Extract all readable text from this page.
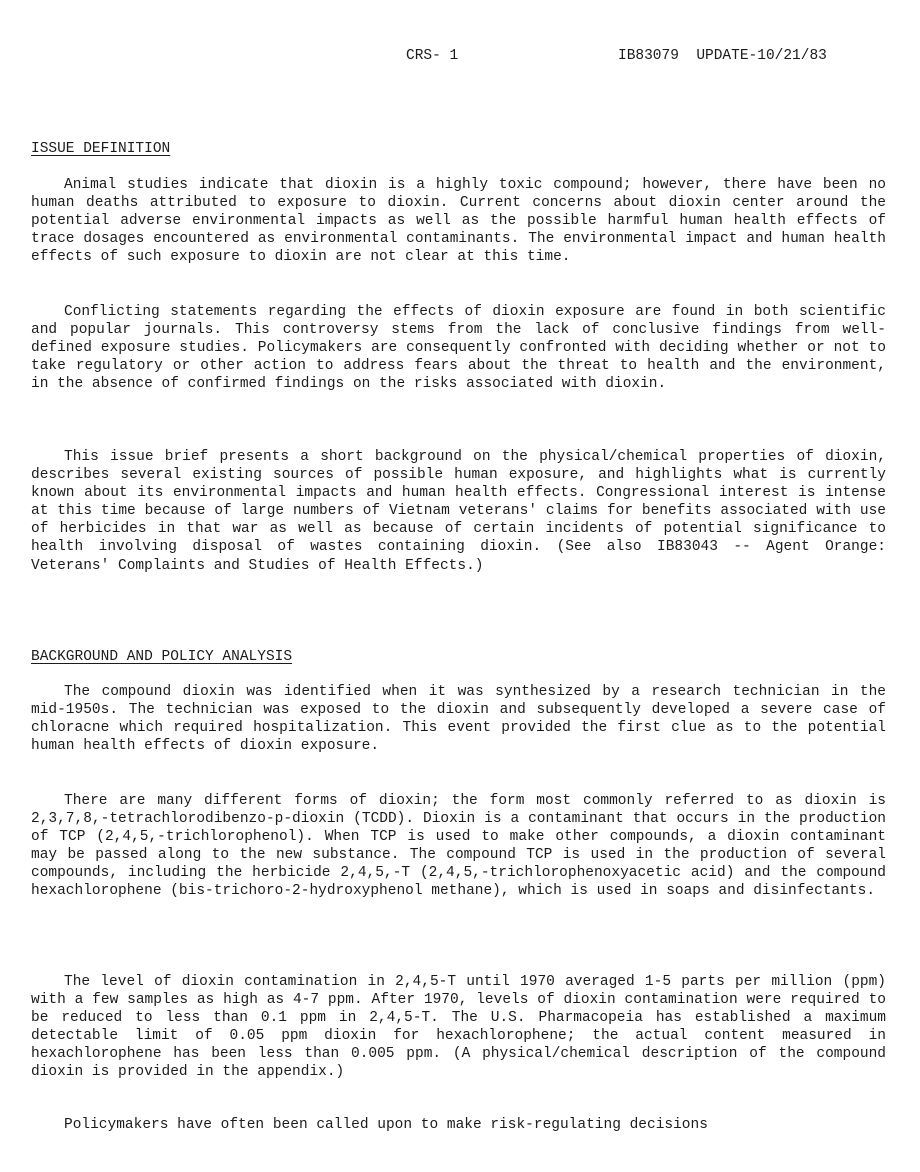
CRS- 1	IB83079 UPDATE-10/21/83
ISSUE DEFINITION

Animal studies indicate that dioxin is a highly toxic compound; however, there have been no human deaths attributed to exposure to dioxin. Current concerns about dioxin center around the potential adverse environmental impacts as well as the possible harmful human health effects of trace dosages encountered as environmental contaminants. The environmental impact and human health effects of such exposure to dioxin are not clear at this time.

Conflicting statements regarding the effects of dioxin exposure are found in both scientific and popular journals. This controversy stems from the lack of conclusive findings from well-defined exposure studies. Policymakers are consequently confronted with deciding whether or not to take regulatory or other action to address fears about the threat to health and the environment, in the absence of confirmed findings on the risks associated with dioxin.

This issue brief presents a short background on the physical/chemical properties of dioxin, describes several existing sources of possible human exposure, and highlights what is currently known about its environmental impacts and human health effects. Congressional interest is intense at this time because of large numbers of Vietnam veterans' claims for benefits associated with use of herbicides in that war as well as because of certain incidents of potential significance to health involving disposal of wastes containing dioxin. (See also IB83043 -- Agent Orange: Veterans' Complaints and Studies of Health Effects.)

BACKGROUND AND POLICY ANALYSIS

The compound dioxin was identified when it was synthesized by a research technician in the mid-1950s. The technician was exposed to the dioxin and subsequently developed a severe case of chloracne which required hospitalization. This event provided the first clue as to the potential human health effects of dioxin exposure.

There are many different forms of dioxin; the form most commonly referred to as dioxin is 2,3,7,8,-tetrachlorodibenzo-p-dioxin (TCDD). Dioxin is a contaminant that occurs in the production of TCP (2,4,5,-trichlorophenol). When TCP is used to make other compounds, a dioxin contaminant may be passed along to the new substance. The compound TCP is used in the production of several compounds, including the herbicide 2,4,5,-T (2,4,5,-trichlorophenoxyacetic acid) and the compound hexachlorophene (bis-trichoro-2-hydroxyphenol methane), which is used in soaps and disinfectants.

The level of dioxin contamination in 2,4,5-T until 1970 averaged 1-5 parts per million (ppm) with a few samples as high as 4-7 ppm. After 1970, levels of dioxin contamination were required to be reduced to less than 0.1 ppm in 2,4,5-T. The U.S. Pharmacopeia has established a maximum detectable limit of 0.05 ppm dioxin for hexachlorophene; the actual content measured in hexachlorophene has been less than 0.005 ppm. (A physical/chemical description of the compound dioxin is provided in the appendix.)

Policymakers have often been called upon to make risk-regulating decisions
